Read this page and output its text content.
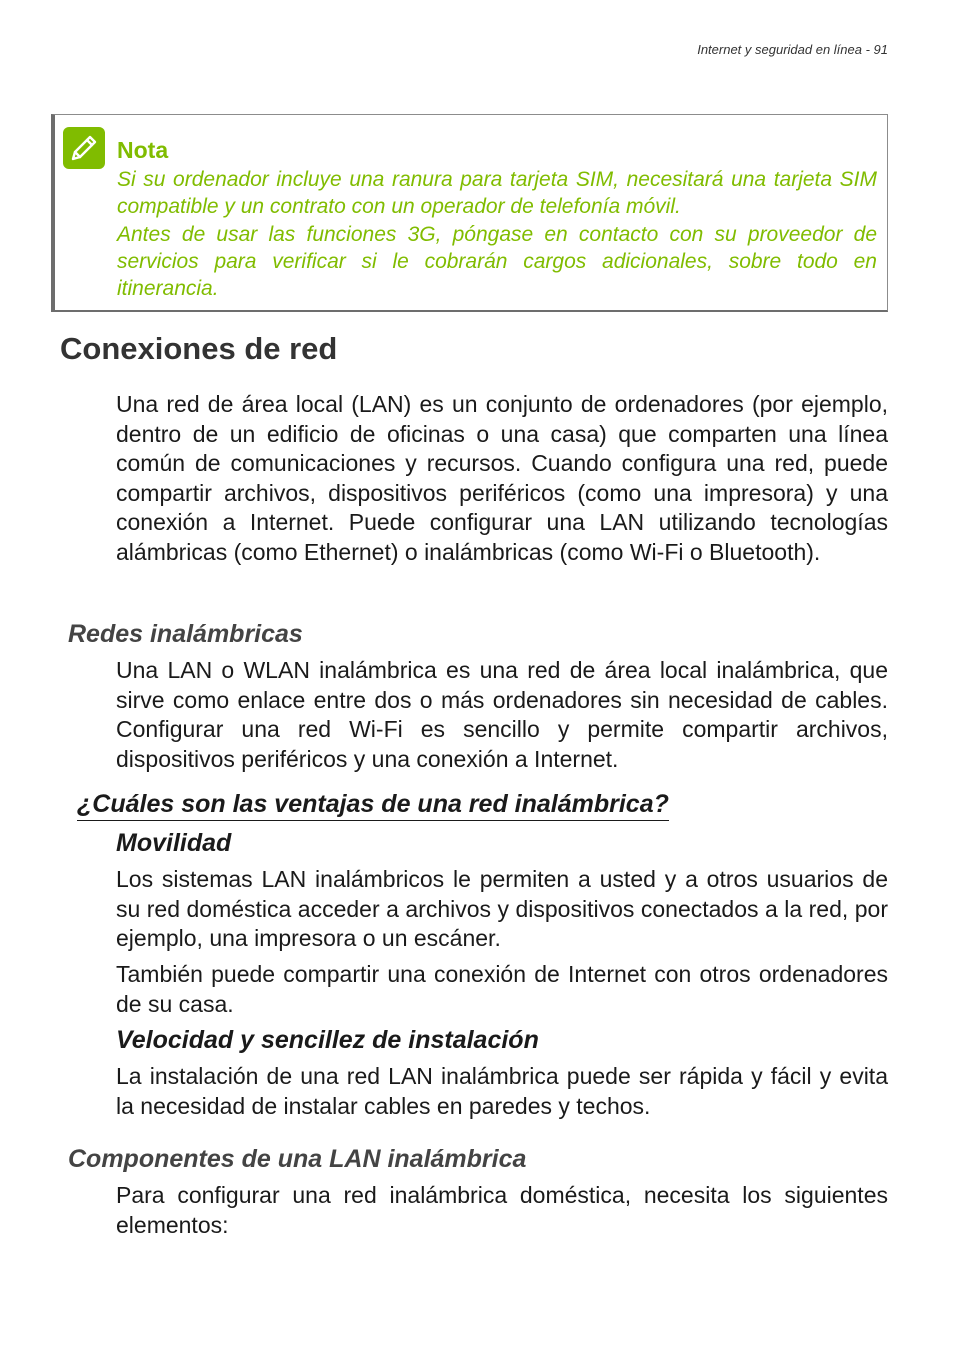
Internet y seguridad en línea - 91
Nota

Si su ordenador incluye una ranura para tarjeta SIM, necesitará una tarjeta SIM compatible y un contrato con un operador de telefonía móvil.

Antes de usar las funciones 3G, póngase en contacto con su proveedor de servicios para verificar si le cobrarán cargos adicionales, sobre todo en itinerancia.

Conexiones de red

Una red de área local (LAN) es un conjunto de ordenadores (por ejemplo, dentro de un edificio de oficinas o una casa) que comparten una línea común de comunicaciones y recursos. Cuando configura una red, puede compartir archivos, dispositivos periféricos (como una impresora) y una conexión a Internet. Puede configurar una LAN utilizando tecnologías alámbricas (como Ethernet) o inalámbricas (como Wi-Fi o Bluetooth).

Redes inalámbricas

Una LAN o WLAN inalámbrica es una red de área local inalámbrica, que sirve como enlace entre dos o más ordenadores sin necesidad de cables. Configurar una red Wi-Fi es sencillo y permite compartir archivos, dispositivos periféricos y una conexión a Internet.

¿Cuáles son las ventajas de una red inalámbrica?
Movilidad

Los sistemas LAN inalámbricos le permiten a usted y a otros usuarios de su red doméstica acceder a archivos y dispositivos conectados a la red, por ejemplo, una impresora o un escáner.

También puede compartir una conexión de Internet con otros ordenadores de su casa.

Velocidad y sencillez de instalación

La instalación de una red LAN inalámbrica puede ser rápida y fácil y evita la necesidad de instalar cables en paredes y techos.

Componentes de una LAN inalámbrica

Para configurar una red inalámbrica doméstica, necesita los siguientes elementos:
